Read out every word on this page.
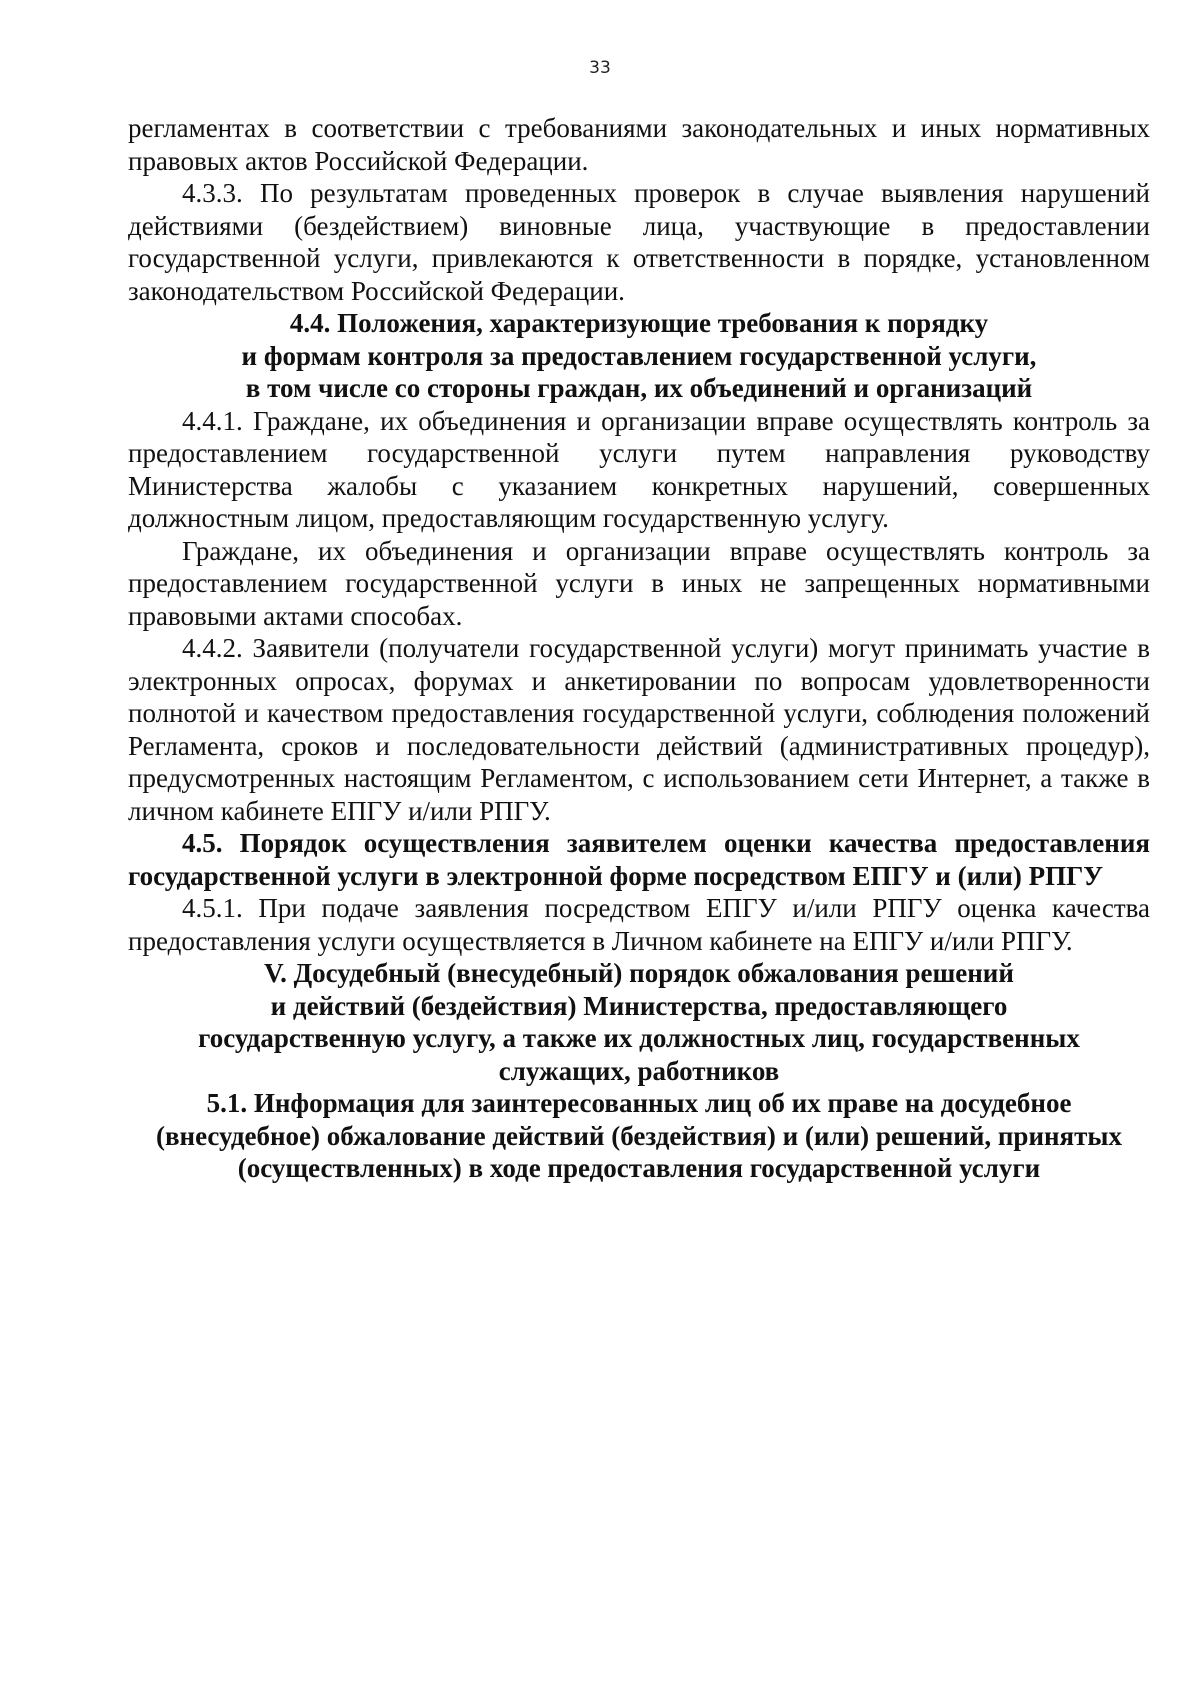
33

регламентах в соответствии с требованиями законодательных и иных нормативных правовых актов Российской Федерации.

4.3.3. По результатам проведенных проверок в случае выявления нарушений действиями (бездействием) виновные лица, участвующие в предоставлении государственной услуги, привлекаются к ответственности в порядке, установленном законодательством Российской Федерации.

4.4. Положения, характеризующие требования к порядку
и формам контроля за предоставлением государственной услуги,
в том числе со стороны граждан, их объединений и организаций

4.4.1. Граждане, их объединения и организации вправе осуществлять контроль за предоставлением государственной услуги путем направления руководству Министерства жалобы с указанием конкретных нарушений, совершенных должностным лицом, предоставляющим государственную услугу.

Граждане, их объединения и организации вправе осуществлять контроль за предоставлением государственной услуги в иных не запрещенных нормативными правовыми актами способах.

4.4.2. Заявители (получатели государственной услуги) могут принимать участие в электронных опросах, форумах и анкетировании по вопросам удовлетворенности полнотой и качеством предоставления государственной услуги, соблюдения положений Регламента, сроков и последовательности действий (административных процедур), предусмотренных настоящим Регламентом, с использованием сети Интернет, а также в личном кабинете ЕПГУ и/или РПГУ.

4.5. Порядок осуществления заявителем оценки качества предоставления государственной услуги в электронной форме посредством ЕПГУ и (или) РПГУ

4.5.1. При подаче заявления посредством ЕПГУ и/или РПГУ оценка качества предоставления услуги осуществляется в Личном кабинете на ЕПГУ и/или РПГУ.

V. Досудебный (внесудебный) порядок обжалования решений
и действий (бездействия) Министерства, предоставляющего
государственную услугу, а также их должностных лиц, государственных
служащих, работников
5.1. Информация для заинтересованных лиц об их праве на досудебное
(внесудебное) обжалование действий (бездействия) и (или) решений, принятых
(осуществленных) в ходе предоставления государственной услуги
